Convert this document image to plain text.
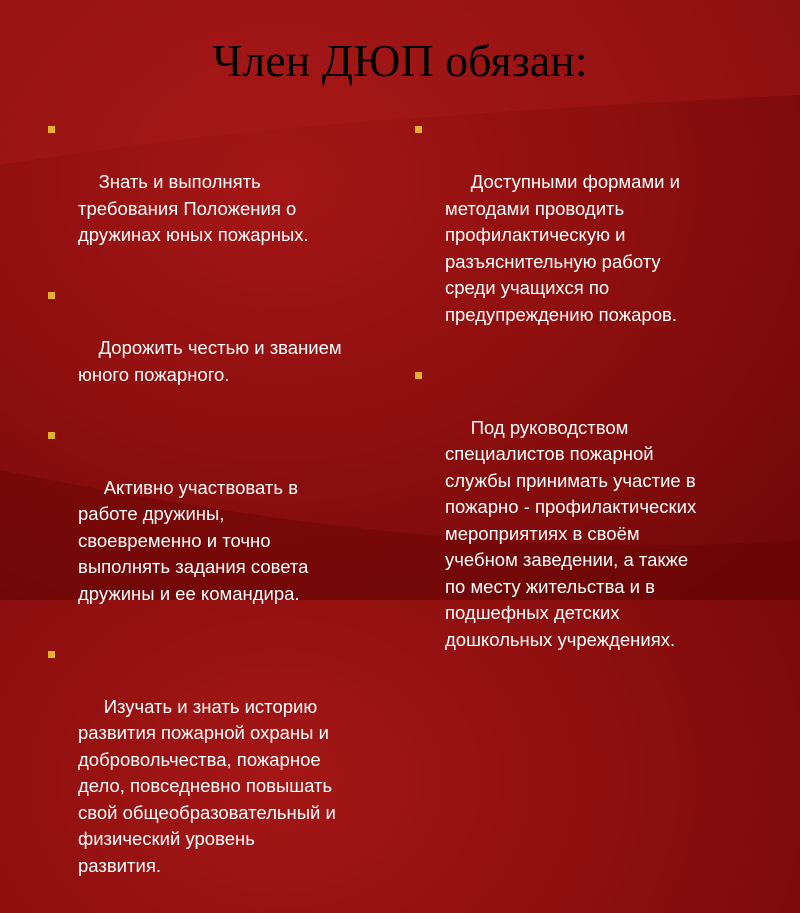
Член ДЮП обязан:

Знать и выполнять
требования Положения о
дружинах юных пожарных.

Дорожить честью и званием
юного пожарного.

Активно участвовать в
работе дружины,
своевременно и точно
выполнять задания совета
дружины и ее командира.

Изучать и знать историю
развития пожарной охраны и
добровольчества, пожарное
дело, повседневно повышать
свой общеобразовательный и
физический уровень
развития.

Доступными формами и
методами проводить
профилактическую и
разъяснительную работу
среди учащихся по
предупреждению пожаров.

Под руководством
специалистов пожарной
службы принимать участие в
пожарно - профилактических
мероприятиях в своём
учебном заведении, а также
по месту жительства и в
подшефных детских
дошкольных учреждениях.
